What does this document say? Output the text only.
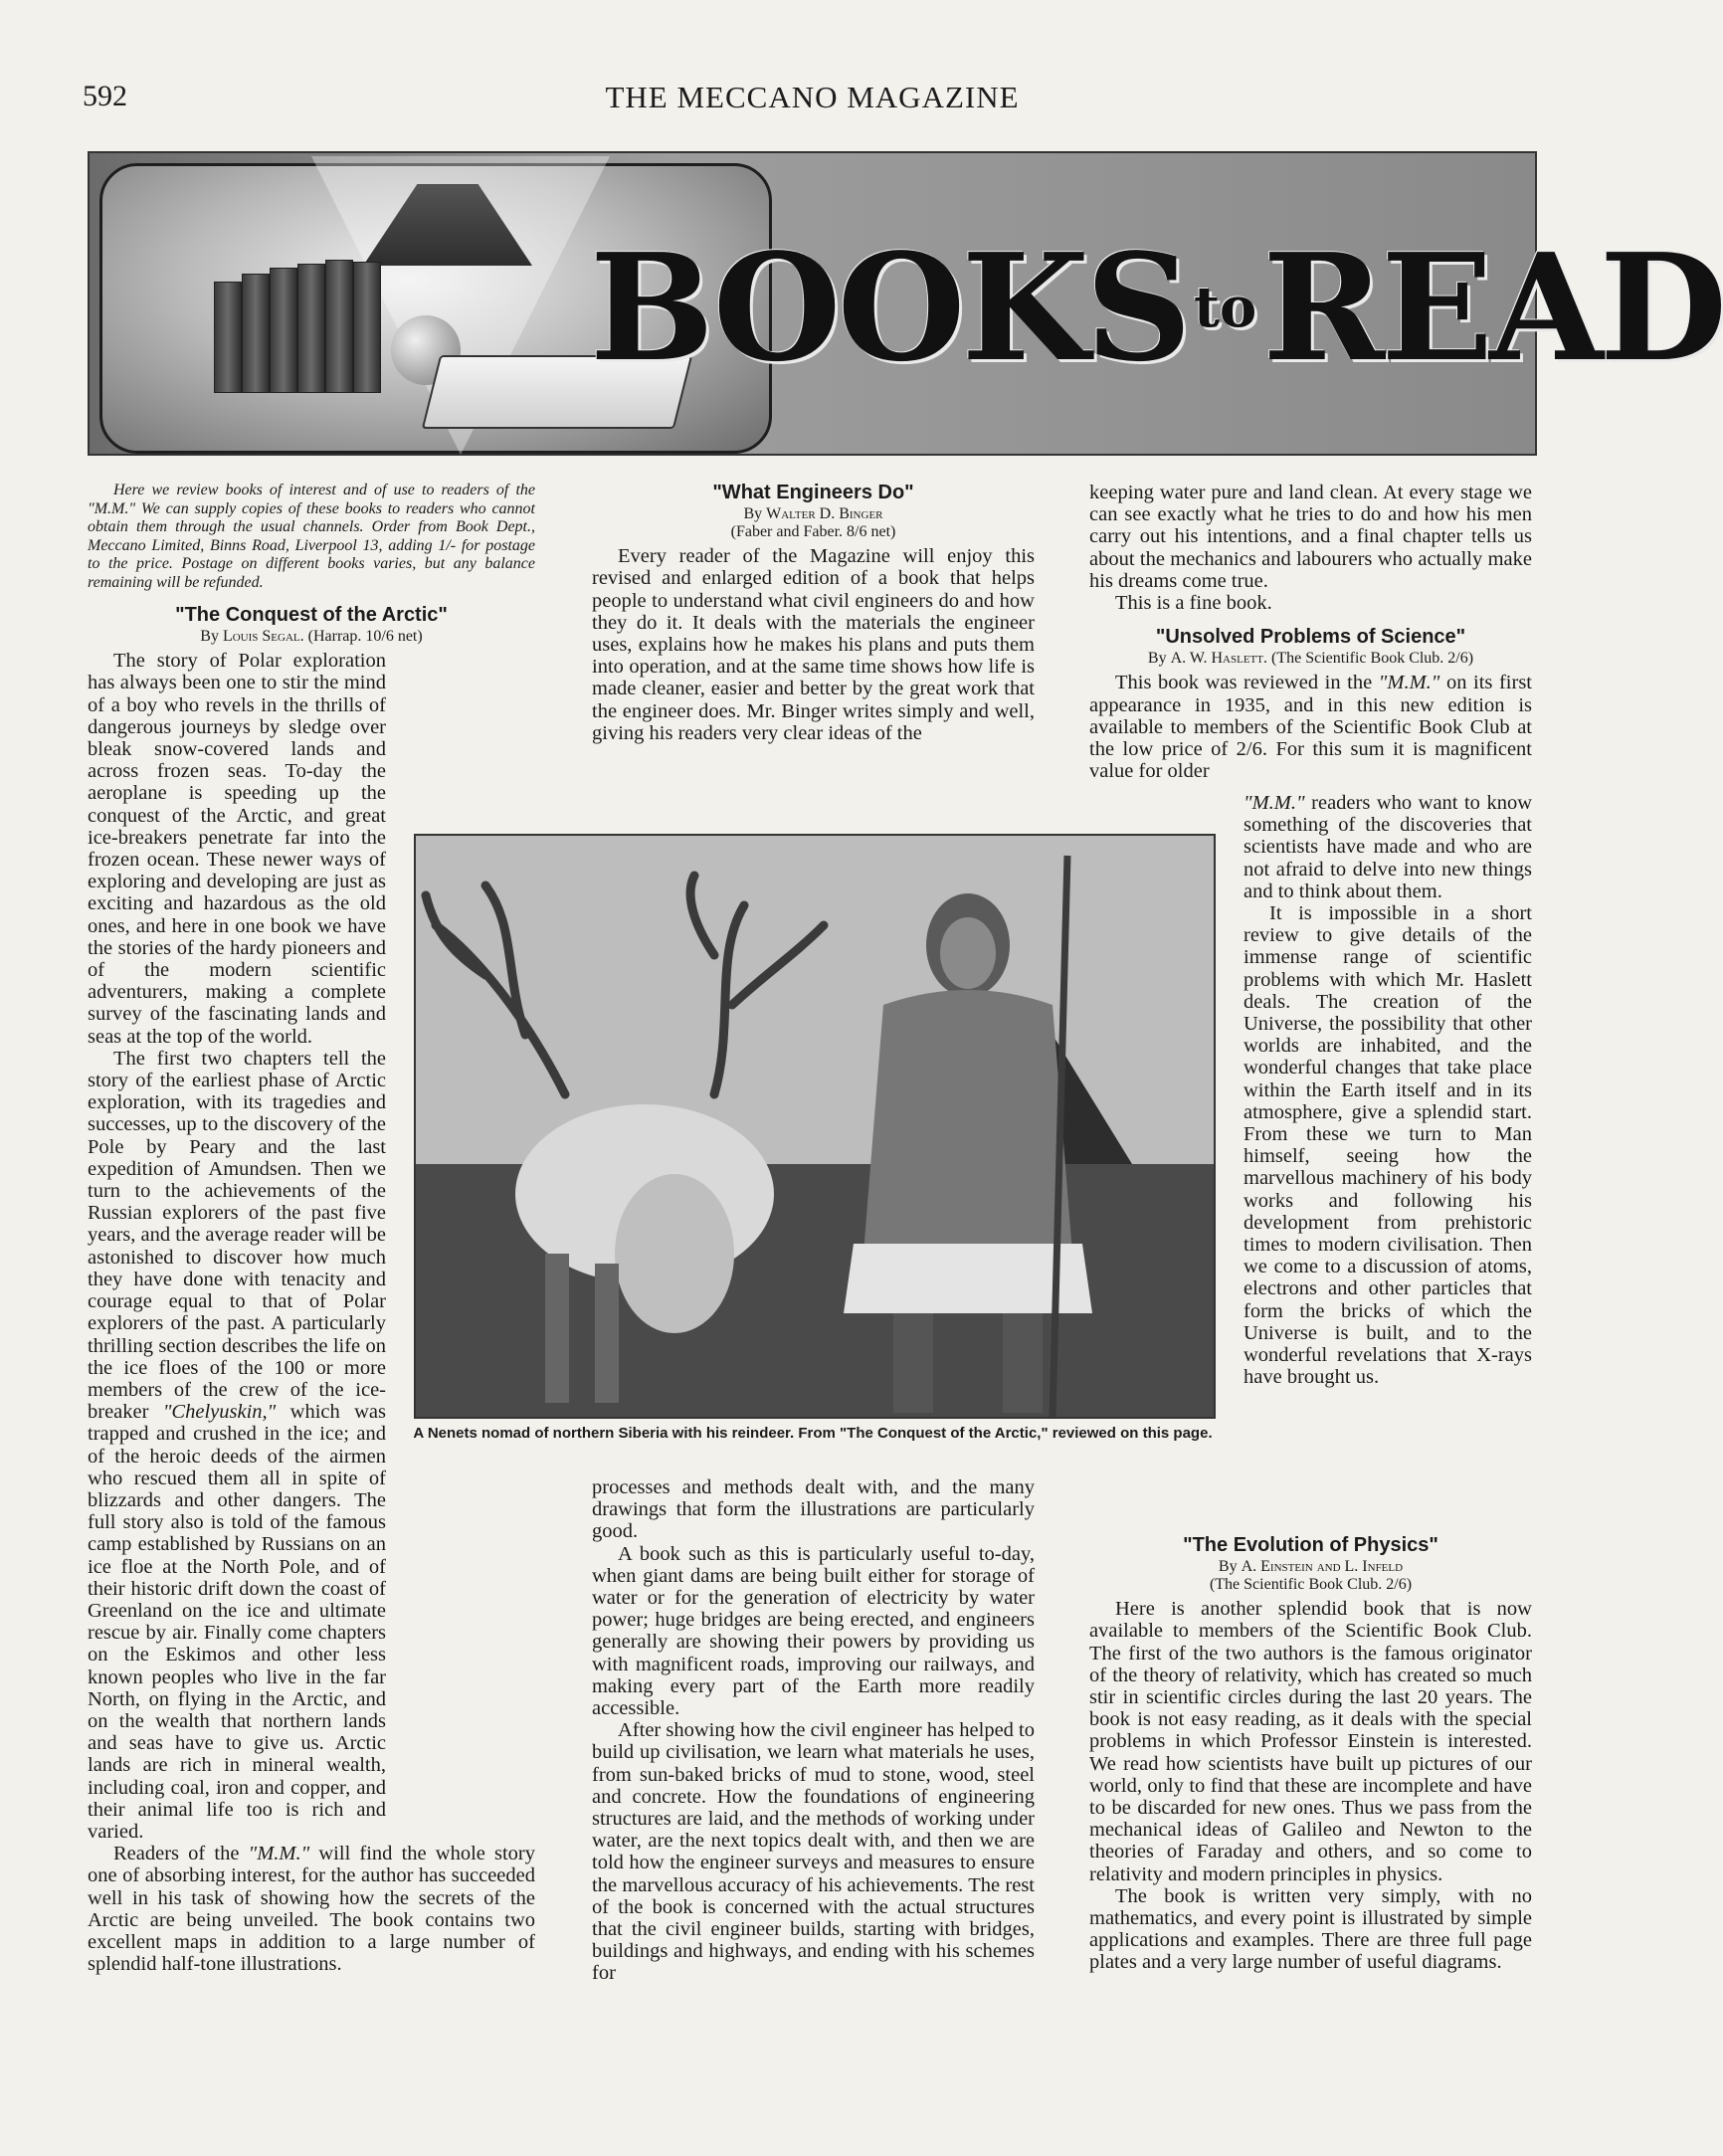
592	THE MECCANO MAGAZINE
BOOKS to READ

Here we review books of interest and of use to readers of the "M.M." We can supply copies of these books to readers who cannot obtain them through the usual channels. Order from Book Dept., Meccano Limited, Binns Road, Liverpool 13, adding 1/- for postage to the price. Postage on different books varies, but any balance remaining will be refunded.

"The Conquest of the Arctic"
By Louis Segal. (Harrap. 10/6 net)

The story of Polar exploration has always been one to stir the mind of a boy who revels in the thrills of dangerous journeys by sledge over bleak snow-covered lands and across frozen seas. To-day the aeroplane is speeding up the conquest of the Arctic, and great ice-breakers penetrate far into the frozen ocean. These newer ways of exploring and developing are just as exciting and hazardous as the old ones, and here in one book we have the stories of the hardy pioneers and of the modern scientific adventurers, making a complete survey of the fascinating lands and seas at the top of the world.

The first two chapters tell the story of the earliest phase of Arctic exploration, with its tragedies and successes, up to the discovery of the Pole by Peary and the last expedition of Amundsen. Then we turn to the achievements of the Russian explorers of the past five years, and the average reader will be astonished to discover how much they have done with tenacity and courage equal to that of Polar explorers of the past. A particularly thrilling section describes the life on the ice floes of the 100 or more members of the crew of the ice-breaker "Chelyuskin," which was trapped and crushed in the ice; and of the heroic deeds of the airmen who rescued them all in spite of blizzards and other dangers. The full story also is told of the famous camp established by Russians on an ice floe at the North Pole, and of their historic drift down the coast of Greenland on the ice and ultimate rescue by air. Finally come chapters on the Eskimos and other less known peoples who live in the far North, on flying in the Arctic, and on the wealth that northern lands and seas have to give us. Arctic lands are rich in mineral wealth, including coal, iron and copper, and their animal life too is rich and varied.

Readers of the "M.M." will find the whole story one of absorbing interest, for the author has succeeded well in his task of showing how the secrets of the Arctic are being unveiled. The book contains two excellent maps in addition to a large number of splendid half-tone illustrations.

"What Engineers Do"
By Walter D. Binger
(Faber and Faber. 8/6 net)

Every reader of the Magazine will enjoy this revised and enlarged edition of a book that helps people to understand what civil engineers do and how they do it. It deals with the materials the engineer uses, explains how he makes his plans and puts them into operation, and at the same time shows how life is made cleaner, easier and better by the great work that the engineer does. Mr. Binger writes simply and well, giving his readers very clear ideas of the

A Nenets nomad of northern Siberia with his reindeer. From "The Conquest of the Arctic," reviewed on this page.

processes and methods dealt with, and the many drawings that form the illustrations are particularly good.

A book such as this is particularly useful to-day, when giant dams are being built either for storage of water or for the generation of electricity by water power; huge bridges are being erected, and engineers generally are showing their powers by providing us with magnificent roads, improving our railways, and making every part of the Earth more readily accessible.

After showing how the civil engineer has helped to build up civilisation, we learn what materials he uses, from sun-baked bricks of mud to stone, wood, steel and concrete. How the foundations of engineering structures are laid, and the methods of working under water, are the next topics dealt with, and then we are told how the engineer surveys and measures to ensure the marvellous accuracy of his achievements. The rest of the book is concerned with the actual structures that the civil engineer builds, starting with bridges, buildings and highways, and ending with his schemes for

keeping water pure and land clean. At every stage we can see exactly what he tries to do and how his men carry out his intentions, and a final chapter tells us about the mechanics and labourers who actually make his dreams come true.

This is a fine book.

"Unsolved Problems of Science"
By A. W. Haslett. (The Scientific Book Club. 2/6)

This book was reviewed in the "M.M." on its first appearance in 1935, and in this new edition is available to members of the Scientific Book Club at the low price of 2/6. For this sum it is magnificent value for older

"M.M." readers who want to know something of the discoveries that scientists have made and who are not afraid to delve into new things and to think about them.

It is impossible in a short review to give details of the immense range of scientific problems with which Mr. Haslett deals. The creation of the Universe, the possibility that other worlds are inhabited, and the wonderful changes that take place within the Earth itself and in its atmosphere, give a splendid start. From these we turn to Man himself, seeing how the marvellous machinery of his body works and following his development from prehistoric times to modern civilisation. Then we come to a discussion of atoms, electrons and other particles that form the bricks of which the Universe is built, and to the wonderful revelations that X-rays have brought us.

"The Evolution of Physics"
By A. Einstein and L. Infeld
(The Scientific Book Club. 2/6)

Here is another splendid book that is now available to members of the Scientific Book Club. The first of the two authors is the famous originator of the theory of relativity, which has created so much stir in scientific circles during the last 20 years. The book is not easy reading, as it deals with the special problems in which Professor Einstein is interested. We read how scientists have built up pictures of our world, only to find that these are incomplete and have to be discarded for new ones. Thus we pass from the mechanical ideas of Galileo and Newton to the theories of Faraday and others, and so come to relativity and modern principles in physics.

The book is written very simply, with no mathematics, and every point is illustrated by simple applications and examples. There are three full page plates and a very large number of useful diagrams.
